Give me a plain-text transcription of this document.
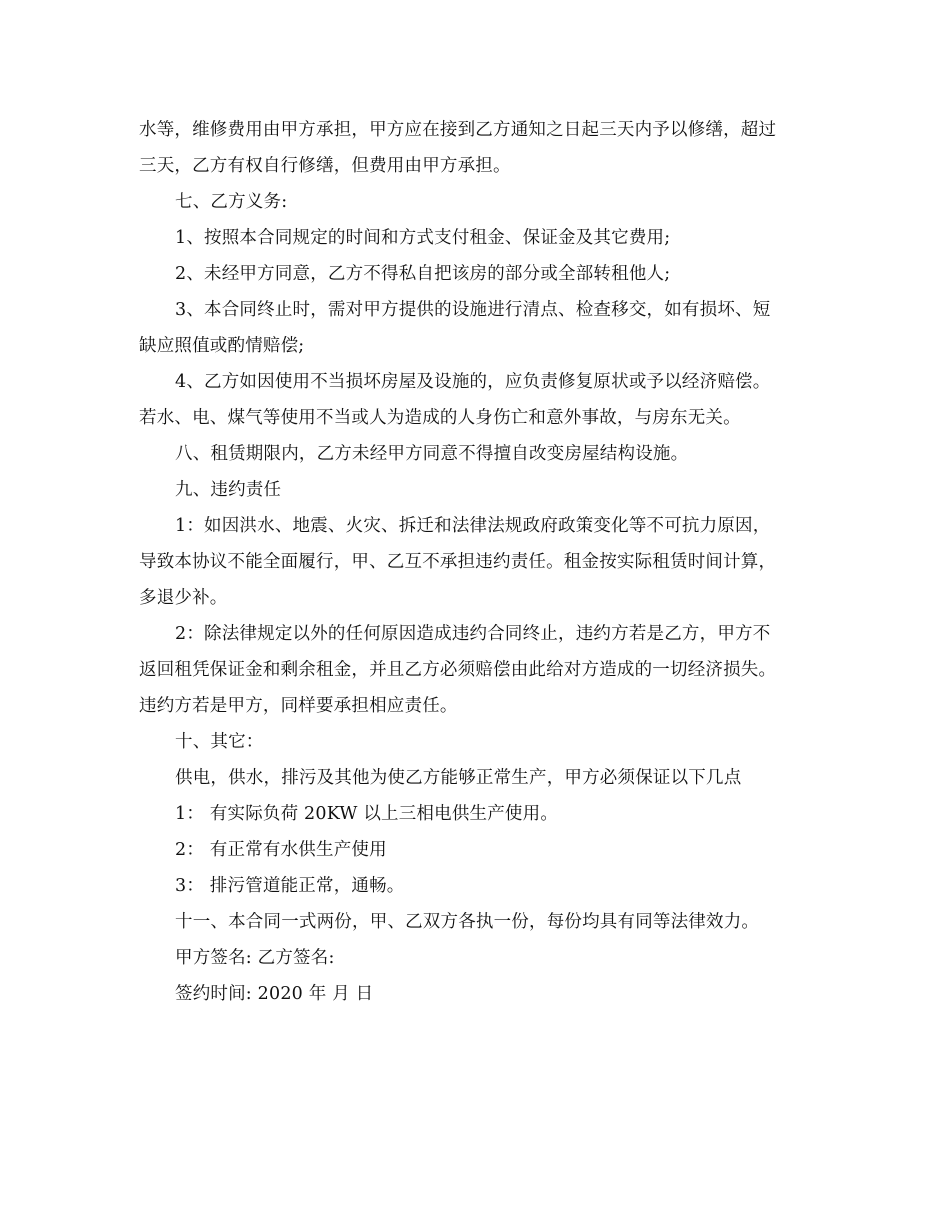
水等，维修费用由甲方承担，甲方应在接到乙方通知之日起三天内予以修缮，超过
三天，乙方有权自行修缮，但费用由甲方承担。

七、乙方义务:

1、按照本合同规定的时间和方式支付租金、保证金及其它费用;

2、未经甲方同意，乙方不得私自把该房的部分或全部转租他人;

3、本合同终止时，需对甲方提供的设施进行清点、检查移交，如有损坏、短
缺应照值或酌情赔偿;

4、乙方如因使用不当损坏房屋及设施的，应负责修复原状或予以经济赔偿。
若水、电、煤气等使用不当或人为造成的人身伤亡和意外事故，与房东无关。

八、租赁期限内，乙方未经甲方同意不得擅自改变房屋结构设施。

九、违约责任

1：如因洪水、地震、火灾、拆迁和法律法规政府政策变化等不可抗力原因，
导致本协议不能全面履行，甲、乙互不承担违约责任。租金按实际租赁时间计算，
多退少补。

2：除法律规定以外的任何原因造成违约合同终止，违约方若是乙方，甲方不
返回租凭保证金和剩余租金，并且乙方必须赔偿由此给对方造成的一切经济损失。
违约方若是甲方，同样要承担相应责任。

十、其它：

供电，供水，排污及其他为使乙方能够正常生产，甲方必须保证以下几点

1： 有实际负荷 20KW 以上三相电供生产使用。

2： 有正常有水供生产使用

3： 排污管道能正常，通畅。

十一、本合同一式两份，甲、乙双方各执一份，每份均具有同等法律效力。

甲方签名: 乙方签名:

签约时间: 2020 年 月 日
